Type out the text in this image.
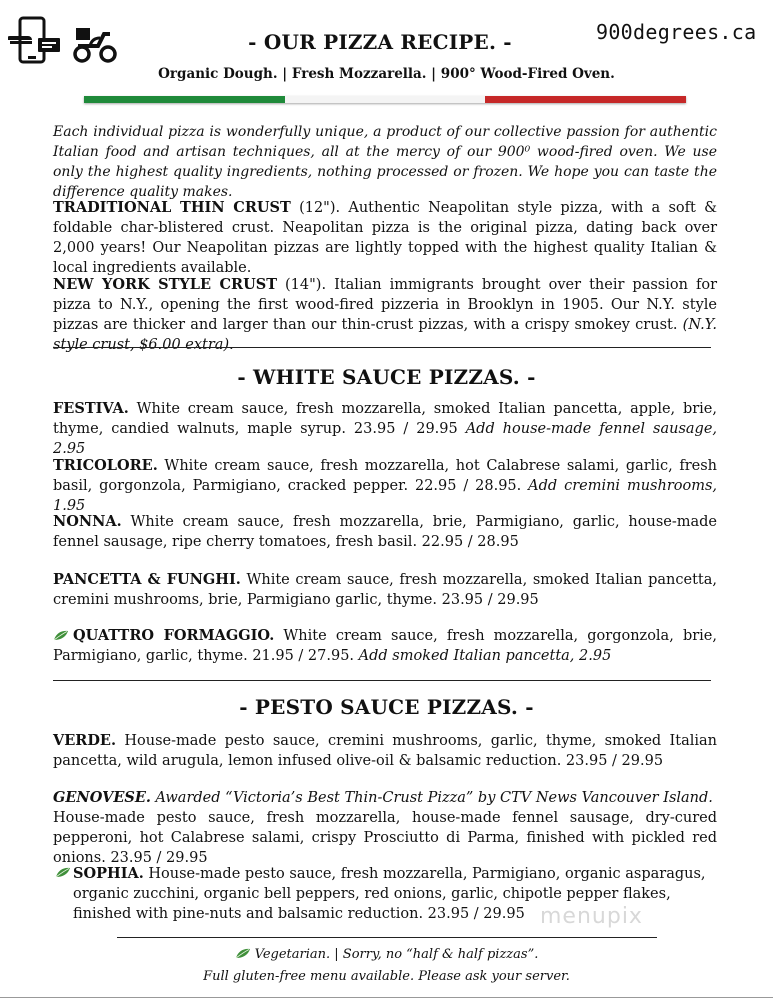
- OUR PIZZA RECIPE. -
Organic Dough. | Fresh Mozzarella. | 900° Wood-Fired Oven.
900degrees.ca

Each individual pizza is wonderfully unique, a product of our collective passion for authentic Italian food and artisan techniques, all at the mercy of our 900⁰ wood-fired oven. We use only the highest quality ingredients, nothing processed or frozen. We hope you can taste the difference quality makes.

TRADITIONAL THIN CRUST (12"). Authentic Neapolitan style pizza, with a soft & foldable char-blistered crust. Neapolitan pizza is the original pizza, dating back over 2,000 years! Our Neapolitan pizzas are lightly topped with the highest quality Italian & local ingredients available.

NEW YORK STYLE CRUST (14"). Italian immigrants brought over their passion for pizza to N.Y., opening the first wood-fired pizzeria in Brooklyn in 1905. Our N.Y. style pizzas are thicker and larger than our thin-crust pizzas, with a crispy smokey crust. (N.Y. style crust, $6.00 extra).

- WHITE SAUCE PIZZAS. -

FESTIVA. White cream sauce, fresh mozzarella, smoked Italian pancetta, apple, brie, thyme, candied walnuts, maple syrup. 23.95 / 29.95 Add house-made fennel sausage, 2.95

TRICOLORE. White cream sauce, fresh mozzarella, hot Calabrese salami, garlic, fresh basil, gorgonzola, Parmigiano, cracked pepper. 22.95 / 28.95. Add cremini mushrooms, 1.95

NONNA. White cream sauce, fresh mozzarella, brie, Parmigiano, garlic, house-made fennel sausage, ripe cherry tomatoes, fresh basil. 22.95 / 28.95

PANCETTA & FUNGHI. White cream sauce, fresh mozzarella, smoked Italian pancetta, cremini mushrooms, brie, Parmigiano garlic, thyme. 23.95 / 29.95

QUATTRO FORMAGGIO. White cream sauce, fresh mozzarella, gorgonzola, brie, Parmigiano, garlic, thyme. 21.95 / 27.95. Add smoked Italian pancetta, 2.95

- PESTO SAUCE PIZZAS. -

VERDE. House-made pesto sauce, cremini mushrooms, garlic, thyme, smoked Italian pancetta, wild arugula, lemon infused olive-oil & balsamic reduction. 23.95 / 29.95

GENOVESE. Awarded “Victoria’s Best Thin-Crust Pizza” by CTV News Vancouver Island.
House-made pesto sauce, fresh mozzarella, house-made fennel sausage, dry-cured pepperoni, hot Calabrese salami, crispy Prosciutto di Parma, finished with pickled red onions. 23.95 / 29.95

SOPHIA. House-made pesto sauce, fresh mozzarella, Parmigiano, organic asparagus, organic zucchini, organic bell peppers, red onions, garlic, chipotle pepper flakes, finished with pine-nuts and balsamic reduction. 23.95 / 29.95 menupix
Vegetarian. | Sorry, no “half & half pizzas”.
Full gluten-free menu available. Please ask your server.
